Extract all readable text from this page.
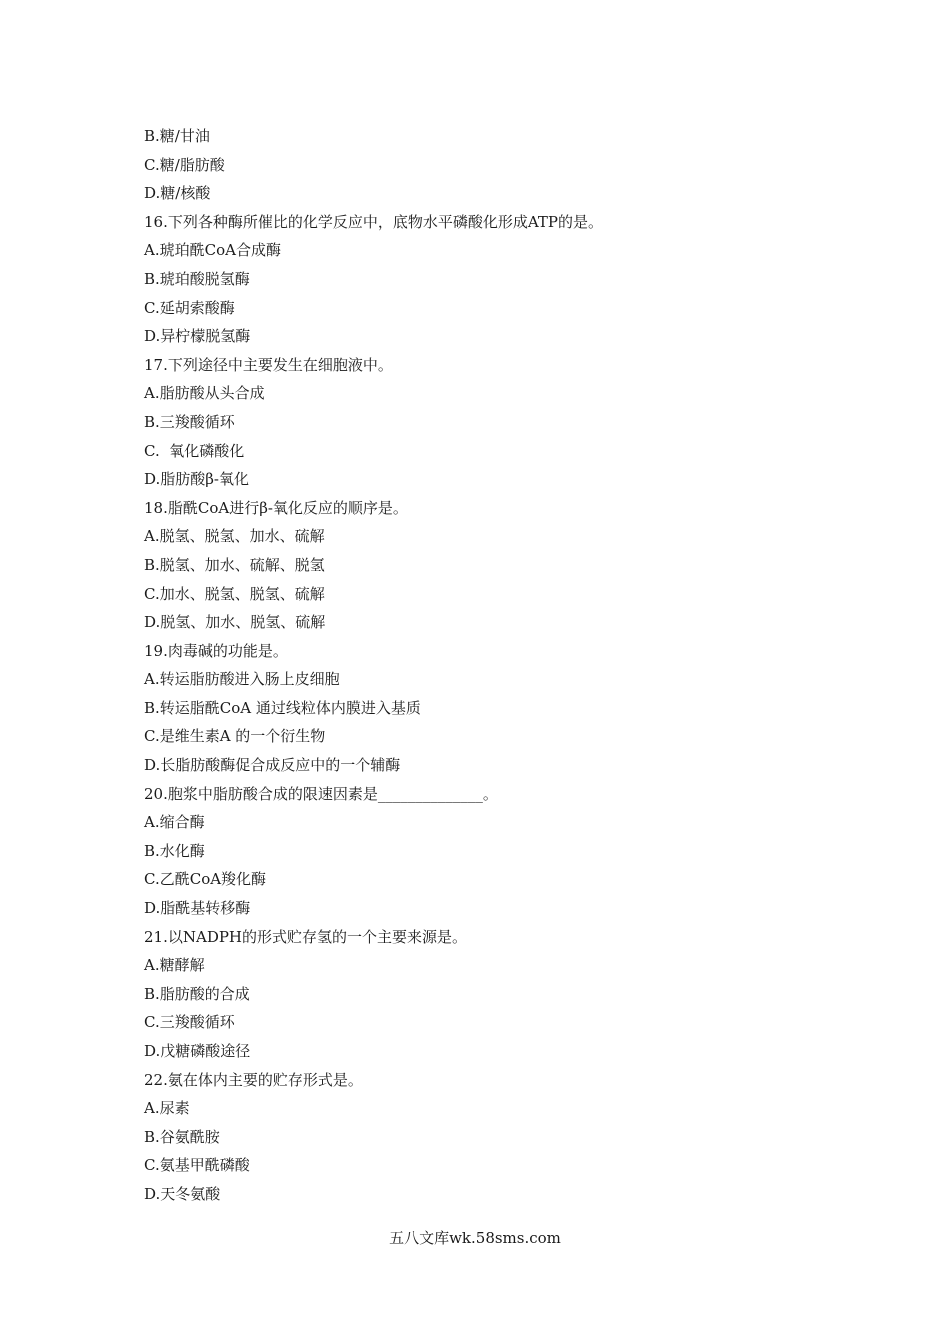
B.糖/甘油
C.糖/脂肪酸
D.糖/核酸
16.下列各种酶所催比的化学反应中，底物水平磷酸化形成ATP的是。
A.琥珀酰CoA合成酶
B.琥珀酸脱氢酶
C.延胡索酸酶
D.异柠檬脱氢酶
17.下列途径中主要发生在细胞液中。
A.脂肪酸从头合成
B.三羧酸循环
C.  氧化磷酸化
D.脂肪酸β-氧化
18.脂酰CoA进行β-氧化反应的顺序是。
A.脱氢、脱氢、加水、硫解
B.脱氢、加水、硫解、脱氢
C.加水、脱氢、脱氢、硫解
D.脱氢、加水、脱氢、硫解
19.肉毒碱的功能是。
A.转运脂肪酸进入肠上皮细胞
B.转运脂酰CoA 通过线粒体内膜进入基质
C.是维生素A 的一个衍生物
D.长脂肪酸酶促合成反应中的一个辅酶
20.胞浆中脂肪酸合成的限速因素是______________。
A.缩合酶
B.水化酶
C.乙酰CoA羧化酶
D.脂酰基转移酶
21.以NADPH的形式贮存氢的一个主要来源是。
A.糖酵解
B.脂肪酸的合成
C.三羧酸循环
D.戊糖磷酸途径
22.氨在体内主要的贮存形式是。
A.尿素
B.谷氨酰胺
C.氨基甲酰磷酸
D.天冬氨酸
五八文库wk.58sms.com
